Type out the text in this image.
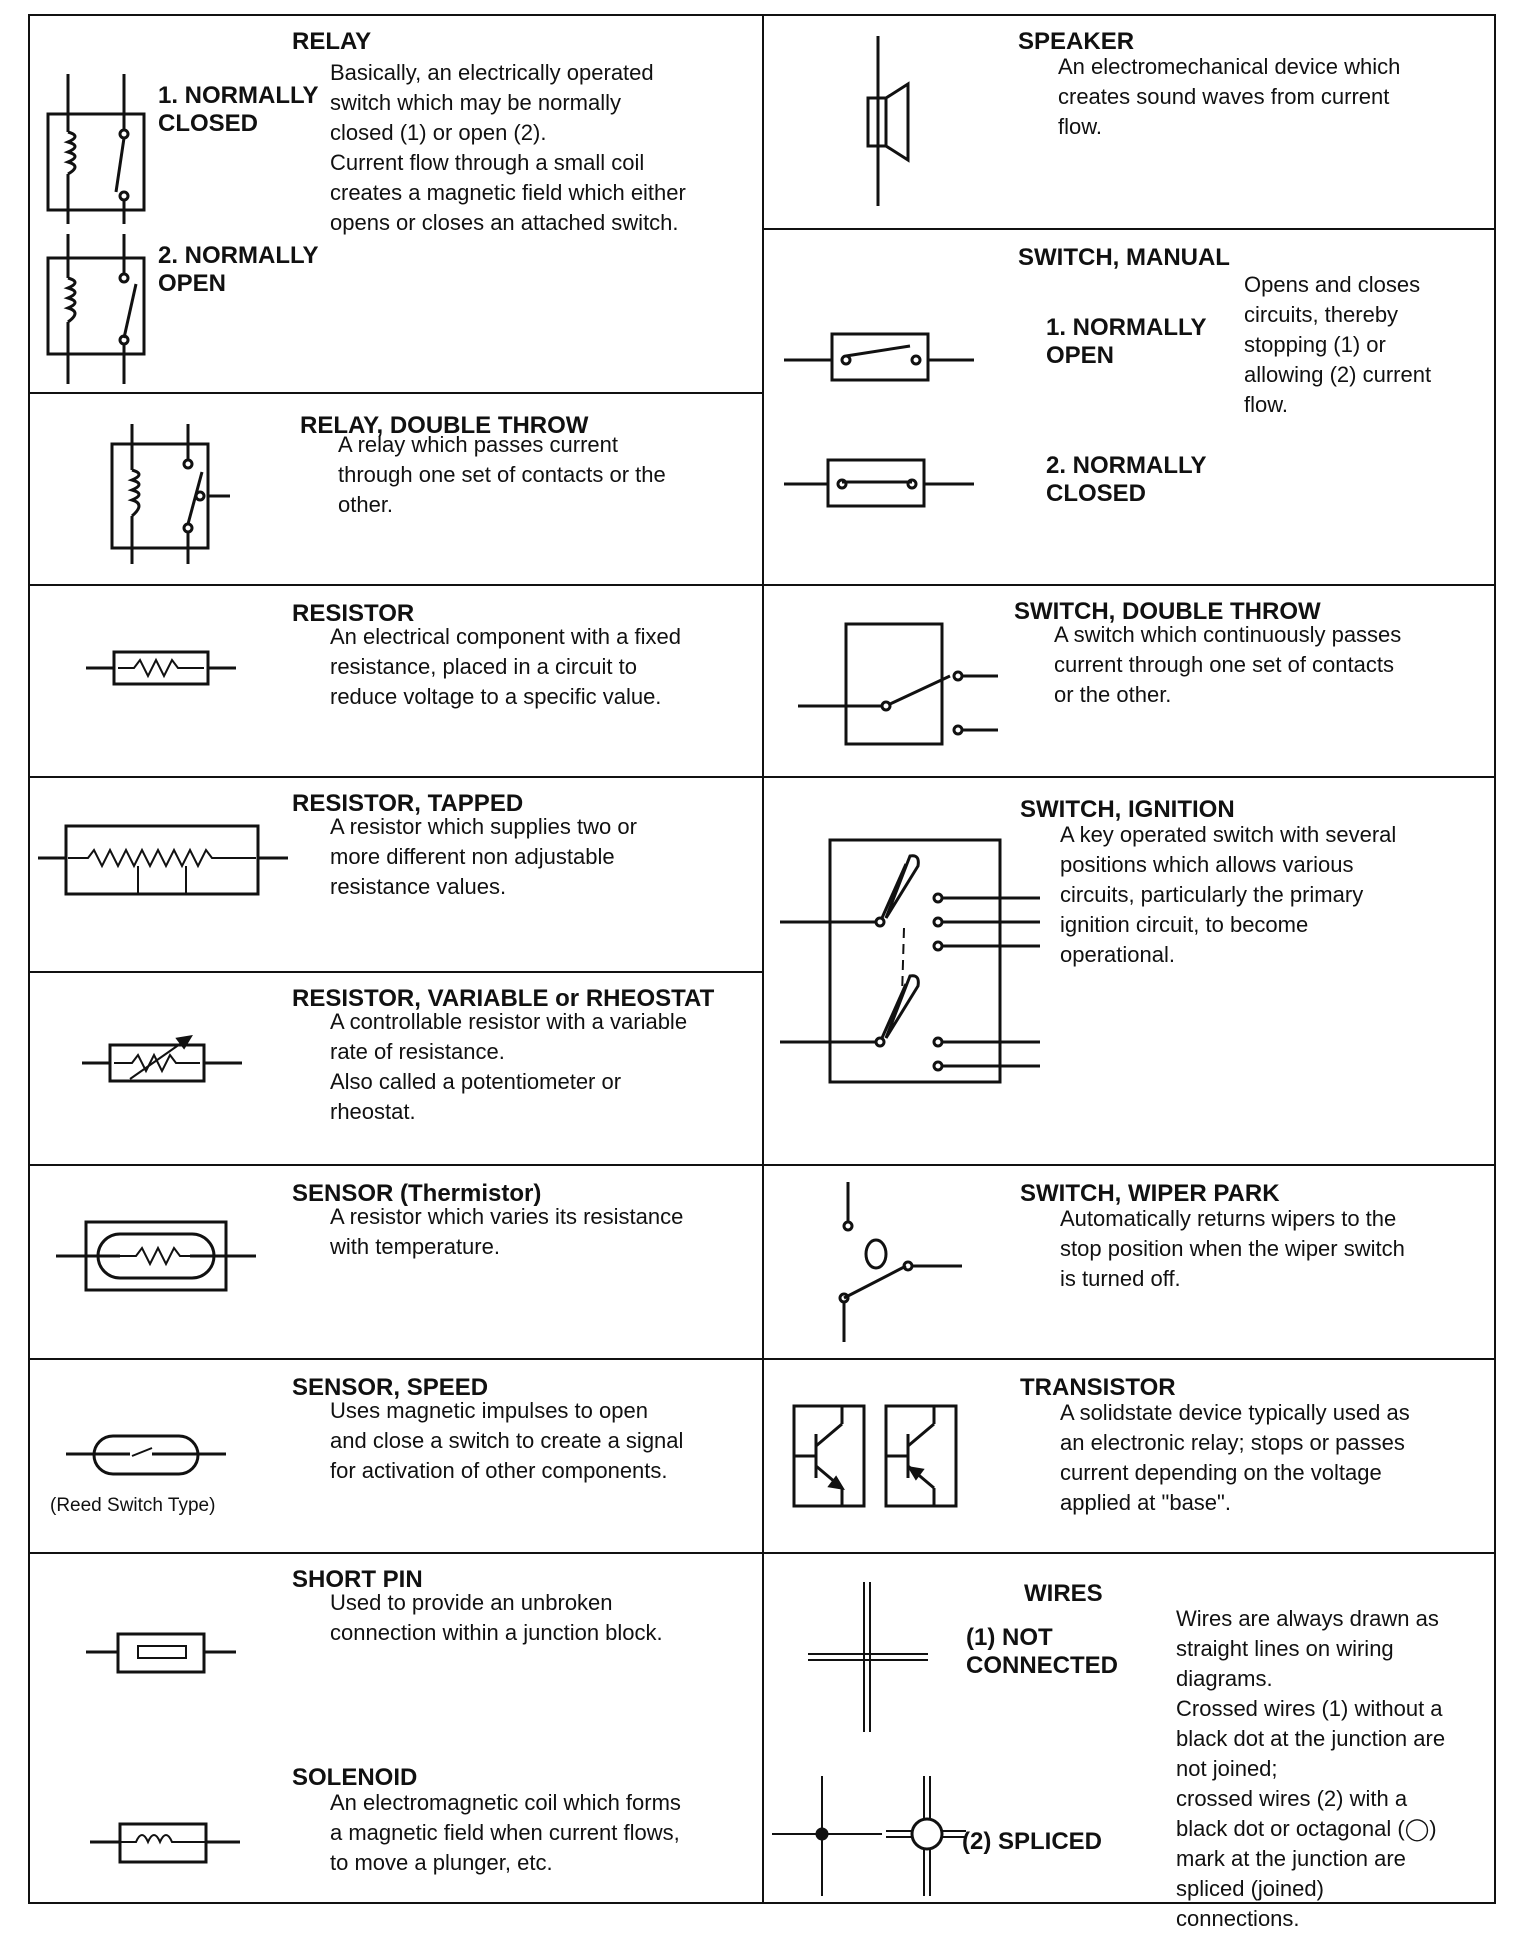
RELAY
1. NORMALLY
CLOSED
Basically, an electrically operated
switch which may be normally
closed (1) or open (2).
Current flow through a small coil
creates a magnetic field which either
opens or closes an attached switch.
2. NORMALLY
OPEN
RELAY, DOUBLE THROW
A relay which passes current
through one set of contacts or the
other.
RESISTOR
An electrical component with a fixed
resistance, placed in a circuit to
reduce voltage to a specific value.
RESISTOR, TAPPED
A resistor which supplies two or
more different non adjustable
resistance values.
RESISTOR, VARIABLE or RHEOSTAT
A controllable resistor with a variable
rate of resistance.
Also called a potentiometer or
rheostat.
SENSOR (Thermistor)
A resistor which varies its resistance
with temperature.
SENSOR, SPEED
Uses magnetic impulses to open
and close a switch to create a signal
for activation of other components.
(Reed Switch Type)
SHORT PIN
Used to provide an unbroken
connection within a junction block.
SOLENOID
An electromagnetic coil which forms
a magnetic field when current flows,
to move a plunger, etc.
SPEAKER
An electromechanical device which
creates sound waves from current
flow.
SWITCH, MANUAL
1. NORMALLY
OPEN
2. NORMALLY
CLOSED
Opens and closes
circuits, thereby
stopping (1) or
allowing (2) current
flow.
SWITCH, DOUBLE THROW
A switch which continuously passes
current through one set of contacts
or the other.
SWITCH, IGNITION
A key operated switch with several
positions which allows various
circuits, particularly the primary
ignition circuit, to become
operational.
SWITCH, WIPER PARK
Automatically returns wipers to the
stop position when the wiper switch
is turned off.
TRANSISTOR
A solidstate device typically used as
an electronic relay; stops or passes
current depending on the voltage
applied at "base".
WIRES
(1) NOT
CONNECTED
(2) SPLICED
Wires are always drawn as
straight lines on wiring
diagrams.
Crossed wires (1) without a
black dot at the junction are
not joined;
crossed wires (2) with a
black dot or octagonal (◯)
mark at the junction are
spliced (joined)
connections.
